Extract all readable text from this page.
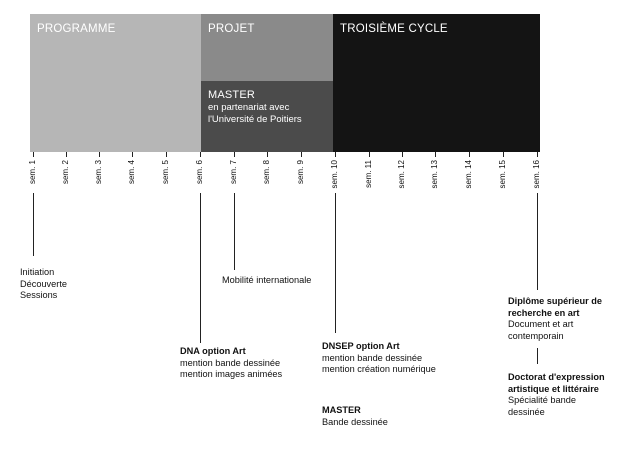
PROGRAMME	PROJET
MASTER
en partenariat avec
l'Université de Poitiers
TROISIÈME CYCLE
sem. 1	sem. 2	sem. 3	sem. 4	sem. 5	sem. 6	sem. 7	sem. 8	sem. 9	sem. 10	sem. 11	sem. 12	sem. 13	sem. 14	sem. 15	sem. 16
Initiation
Découverte
Sessions
DNA option Art
mention bande dessinée
mention images animées
Mobilité internationale
DNSEP option Art
mention bande dessinée
mention création numérique
MASTER
Bande dessinée
Diplôme supérieur de
recherche en art
Document et art
contemporain
Doctorat d'expression
artistique et littéraire
Spécialité bande
dessinée
